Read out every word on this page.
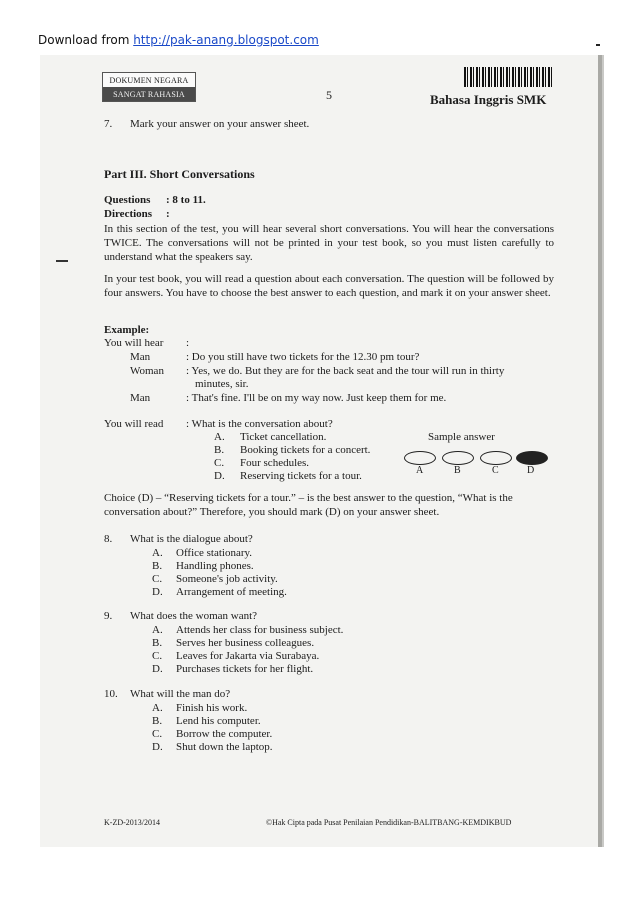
Download from http://pak-anang.blogspot.com
DOKUMEN NEGARA
SANGAT RAHASIA	5	Bahasa Inggris SMK
7. Mark your answer on your answer sheet.
Part III. Short Conversations
Questions : 8 to 11.
Directions :
In this section of the test, you will hear several short conversations. You will hear the conversations TWICE. The conversations will not be printed in your test book, so you must listen carefully to understand what the speakers say.
In your test book, you will read a question about each conversation. The question will be followed by four answers. You have to choose the best answer to each question, and mark it on your answer sheet.
Example:
You will hear :
Man	: Do you still have two tickets for the 12.30 pm tour?
Woman : Yes, we do. But they are for the back seat and the tour will run in thirty
minutes, sir.
Man	: That's fine. I'll be on my way now. Just keep them for me.
You will read : What is the conversation about?
A. Ticket cancellation.
B. Booking tickets for a concert.
C. Four schedules.
D. Reserving tickets for a tour.
Sample answer
A	B	C	D
Choice (D) – “Reserving tickets for a tour.” – is the best answer to the question, “What is the
conversation about?” Therefore, you should mark (D) on your answer sheet.
8. What is the dialogue about?
A. Office stationary.
B. Handling phones.
C. Someone's job activity.
D. Arrangement of meeting.
9. What does the woman want?
A. Attends her class for business subject.
B. Serves her business colleagues.
C. Leaves for Jakarta via Surabaya.
D. Purchases tickets for her flight.
10. What will the man do?
A. Finish his work.
B. Lend his computer.
C. Borrow the computer.
D. Shut down the laptop.
K-ZD-2013/2014	©Hak Cipta pada Pusat Penilaian Pendidikan-BALITBANG-KEMDIKBUD
